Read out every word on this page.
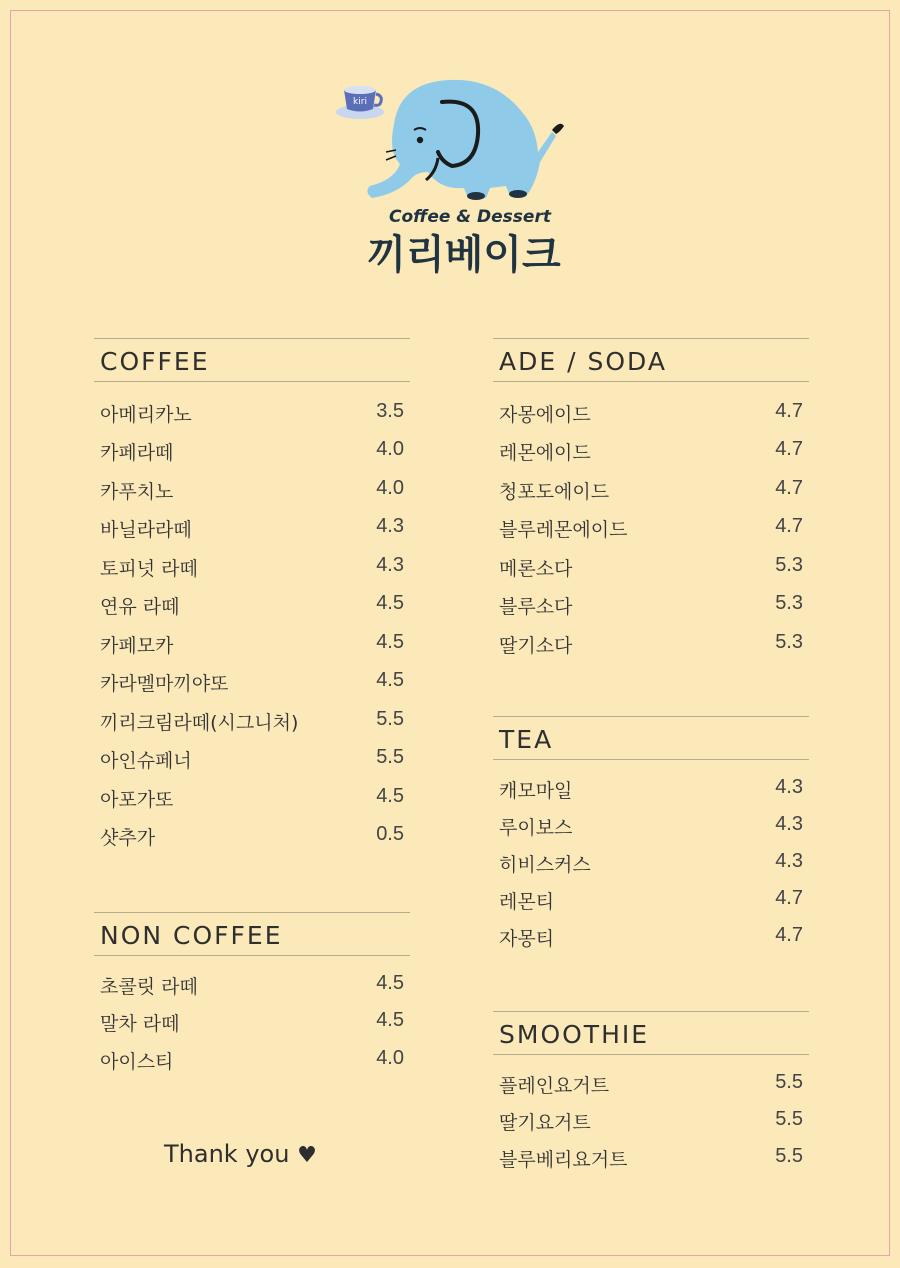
kiri
Coffee & Dessert
끼리베이크
COFFEE
아메리카노	3.5
카페라떼	4.0
카푸치노	4.0
바닐라라떼	4.3
토피넛 라떼	4.3
연유 라떼	4.5
카페모카	4.5
카라멜마끼야또	4.5
끼리크림라떼(시그니처)	5.5
아인슈페너	5.5
아포가또	4.5
샷추가	0.5
NON COFFEE
초콜릿 라떼	4.5
말차 라떼	4.5
아이스티	4.0
ADE / SODA
자몽에이드	4.7
레몬에이드	4.7
청포도에이드	4.7
블루레몬에이드	4.7
메론소다	5.3
블루소다	5.3
딸기소다	5.3
TEA
캐모마일	4.3
루이보스	4.3
히비스커스	4.3
레몬티	4.7
자몽티	4.7
SMOOTHIE
플레인요거트	5.5
딸기요거트	5.5
블루베리요거트	5.5
Thank you ♥
